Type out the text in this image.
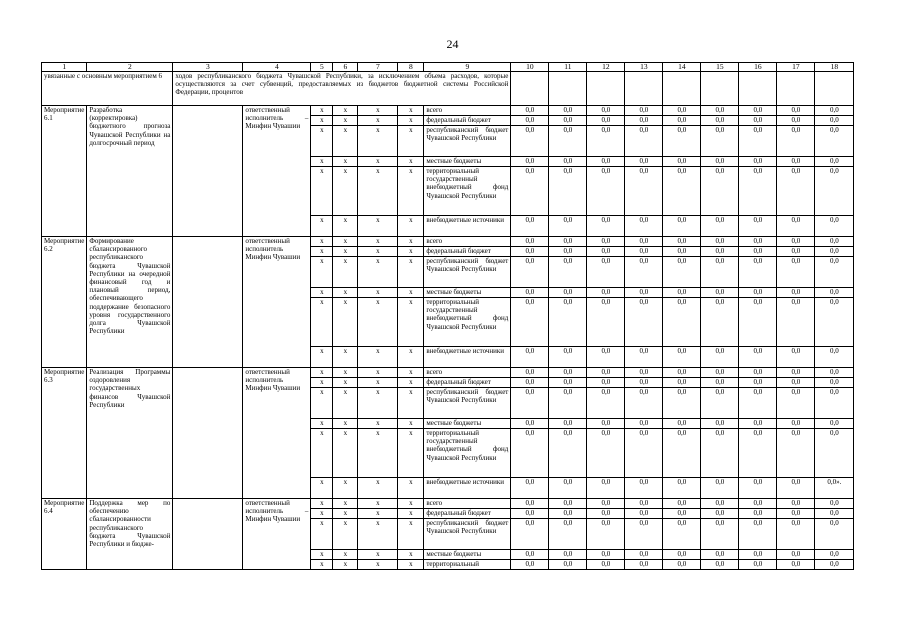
24
1	2	3	4	5	6	7	8	9	10	11	12	13	14	15	16	17	18
увязанные с основным мероприятием 6		ходов республиканского бюджета Чувашской Республики, за исключением объема расходов, которые осуществляются за счет субвенций, предоставляемых из бюджетов бюджетной системы Российской Федерации, процентов															
Мероприятие 6.1	Разработка (корректировка) бюджетного прогноза Чувашской Республики на долгосрочный период		ответственный исполнитель – Минфин Чувашии	x	x	x	x	всего	0,0	0,0	0,0	0,0	0,0	0,0	0,0	0,0	0,0
				x	x	x	x	федеральный бюджет	0,0	0,0	0,0	0,0	0,0	0,0	0,0	0,0	0,0
				x	x	x	x	республиканский бюджет Чувашской Республики	0,0	0,0	0,0	0,0	0,0	0,0	0,0	0,0	0,0
				x	x	x	x	местные бюджеты	0,0	0,0	0,0	0,0	0,0	0,0	0,0	0,0	0,0
				x	x	x	x	территориальный государственный внебюджетный фонд Чувашской Республики	0,0	0,0	0,0	0,0	0,0	0,0	0,0	0,0	0,0
				x	x	x	x	внебюджетные источники	0,0	0,0	0,0	0,0	0,0	0,0	0,0	0,0	0,0
Мероприятие 6.2	Формирование сбалансированного республиканского бюджета Чувашской Республики на очередной финансовый год и плановый период, обеспечивающего поддержание безопасного уровня государственного долга Чувашской Республики		ответственный исполнитель Минфин Чувашии	x	x	x	x	всего	0,0	0,0	0,0	0,0	0,0	0,0	0,0	0,0	0,0
				x	x	x	x	федеральный бюджет	0,0	0,0	0,0	0,0	0,0	0,0	0,0	0,0	0,0
				x	x	x	x	республиканский бюджет Чувашской Республики	0,0	0,0	0,0	0,0	0,0	0,0	0,0	0,0	0,0
				x	x	x	x	местные бюджеты	0,0	0,0	0,0	0,0	0,0	0,0	0,0	0,0	0,0
				x	x	x	x	территориальный государственный внебюджетный фонд Чувашской Республики	0,0	0,0	0,0	0,0	0,0	0,0	0,0	0,0	0,0
				x	x	x	x	внебюджетные источники	0,0	0,0	0,0	0,0	0,0	0,0	0,0	0,0	0,0
Мероприятие 6.3	Реализация Программы оздоровления государственных финансов Чувашской Республики		ответственный исполнитель Минфин Чувашии	x	x	x	x	всего	0,0	0,0	0,0	0,0	0,0	0,0	0,0	0,0	0,0
				x	x	x	x	федеральный бюджет	0,0	0,0	0,0	0,0	0,0	0,0	0,0	0,0	0,0
				x	x	x	x	республиканский бюджет Чувашской Республики	0,0	0,0	0,0	0,0	0,0	0,0	0,0	0,0	0,0
				x	x	x	x	местные бюджеты	0,0	0,0	0,0	0,0	0,0	0,0	0,0	0,0	0,0
				x	x	x	x	территориальный государственный внебюджетный фонд Чувашской Республики	0,0	0,0	0,0	0,0	0,0	0,0	0,0	0,0	0,0
				x	x	x	x	внебюджетные источники	0,0	0,0	0,0	0,0	0,0	0,0	0,0	0,0	0,0».
Мероприятие 6.4	Поддержка мер по обеспечению сбалансированности республиканского бюджета Чувашской Республики и бюдже-		ответственный исполнитель – Минфин Чувашии	x	x	x	x	всего	0,0	0,0	0,0	0,0	0,0	0,0	0,0	0,0	0,0
				x	x	x	x	федеральный бюджет	0,0	0,0	0,0	0,0	0,0	0,0	0,0	0,0	0,0
				x	x	x	x	республиканский бюджет Чувашской Республики	0,0	0,0	0,0	0,0	0,0	0,0	0,0	0,0	0,0
				x	x	x	x	местные бюджеты	0,0	0,0	0,0	0,0	0,0	0,0	0,0	0,0	0,0
				x	x	x	x	территориальный	0,0	0,0	0,0	0,0	0,0	0,0	0,0	0,0	0,0
